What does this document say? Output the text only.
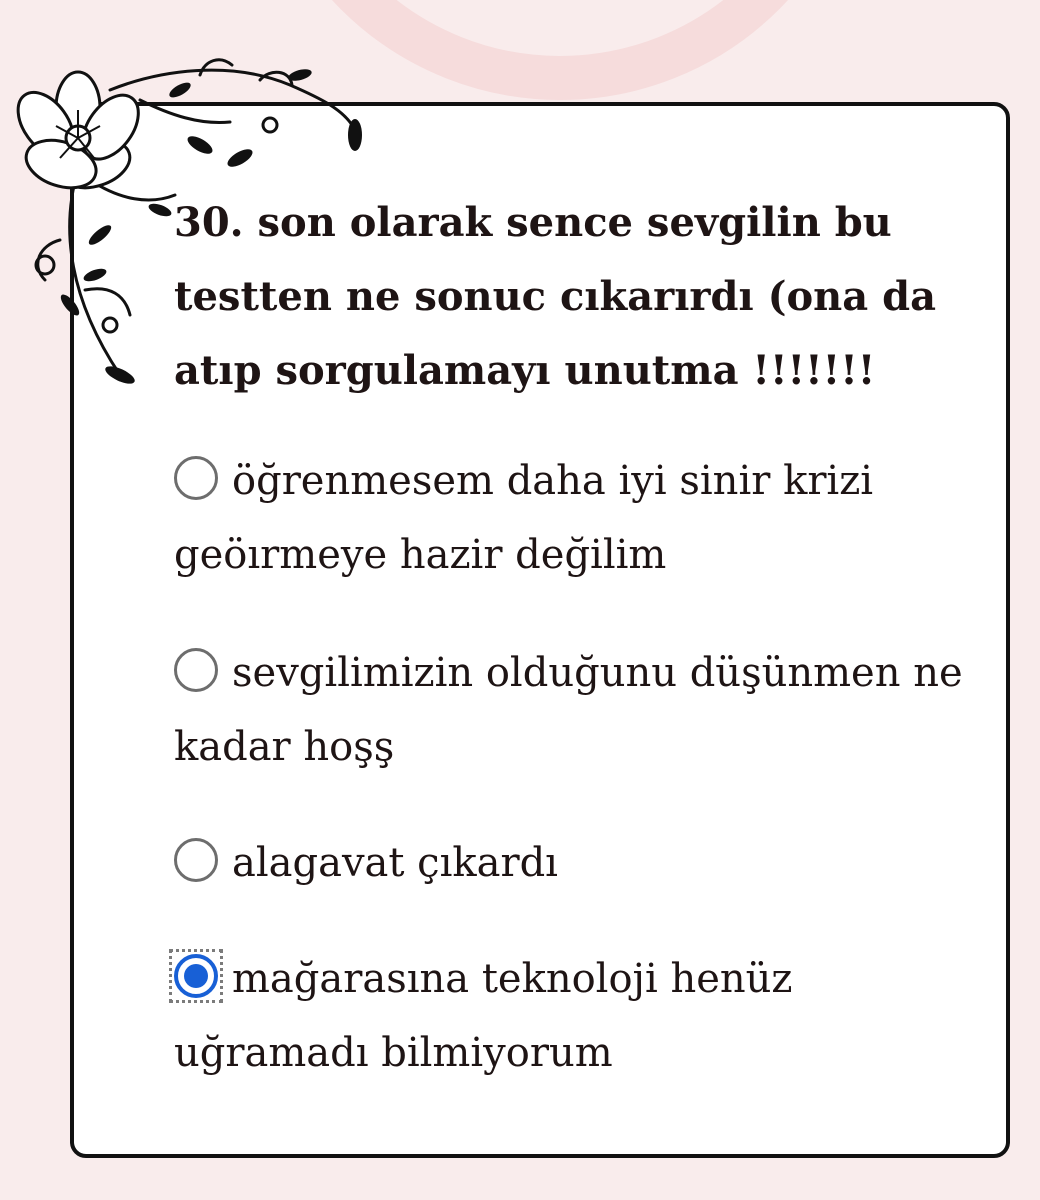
30. son olarak sence sevgilin bu testten ne sonuc cıkarırdı (ona da atıp sorgulamayı unutma !!!!!!!
öğrenmesem daha iyi sinir krizi geöırmeye hazir değilim
sevgilimizin olduğunu düşünmen ne kadar hoşş
alagavat çıkardı
mağarasına teknoloji henüz uğramadı bilmiyorum
